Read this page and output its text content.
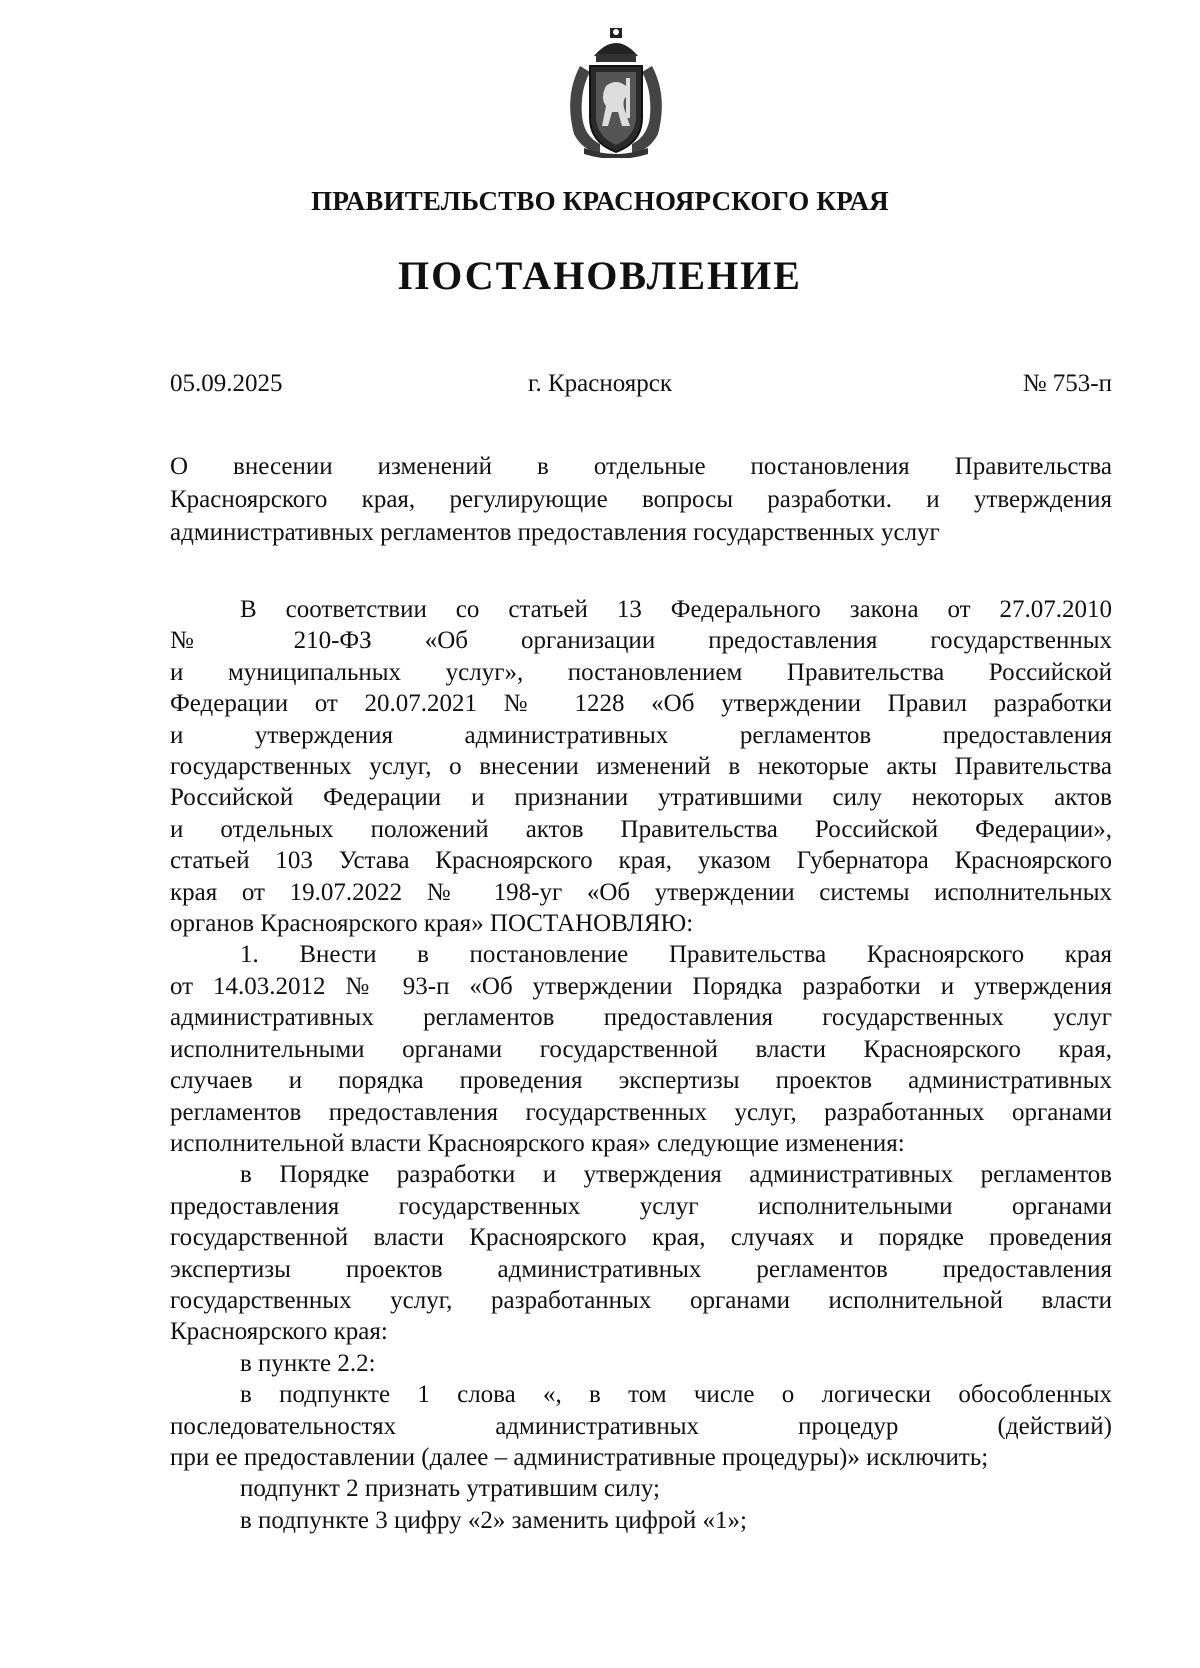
ПРАВИТЕЛЬСТВО КРАСНОЯРСКОГО КРАЯ
ПОСТАНОВЛЕНИЕ
05.09.2025	г. Красноярск	№ 753-п
О внесении изменений в отдельные постановления Правительства
Красноярского края, регулирующие вопросы разработки. и утверждения
административных регламентов предоставления государственных услуг
В соответствии со статьей 13 Федерального закона от 27.07.2010
№ 210-ФЗ «Об организации предоставления государственных
и муниципальных услуг», постановлением Правительства Российской
Федерации от 20.07.2021 № 1228 «Об утверждении Правил разработки
и утверждения административных регламентов предоставления
государственных услуг, о внесении изменений в некоторые акты Правительства
Российской Федерации и признании утратившими силу некоторых актов
и отдельных положений актов Правительства Российской Федерации»,
статьей 103 Устава Красноярского края, указом Губернатора Красноярского
края от 19.07.2022 № 198-уг «Об утверждении системы исполнительных
органов Красноярского края» ПОСТАНОВЛЯЮ:
1. Внести в постановление Правительства Красноярского края
от 14.03.2012 № 93-п «Об утверждении Порядка разработки и утверждения
административных регламентов предоставления государственных услуг
исполнительными органами государственной власти Красноярского края,
случаев и порядка проведения экспертизы проектов административных
регламентов предоставления государственных услуг, разработанных органами
исполнительной власти Красноярского края» следующие изменения:
в Порядке разработки и утверждения административных регламентов
предоставления государственных услуг исполнительными органами
государственной власти Красноярского края, случаях и порядке проведения
экспертизы проектов административных регламентов предоставления
государственных услуг, разработанных органами исполнительной власти
Красноярского края:
в пункте 2.2:
в подпункте 1 слова «, в том числе о логически обособленных
последовательностях административных процедур (действий)
при ее предоставлении (далее – административные процедуры)» исключить;
подпункт 2 признать утратившим силу;
в подпункте 3 цифру «2» заменить цифрой «1»;
